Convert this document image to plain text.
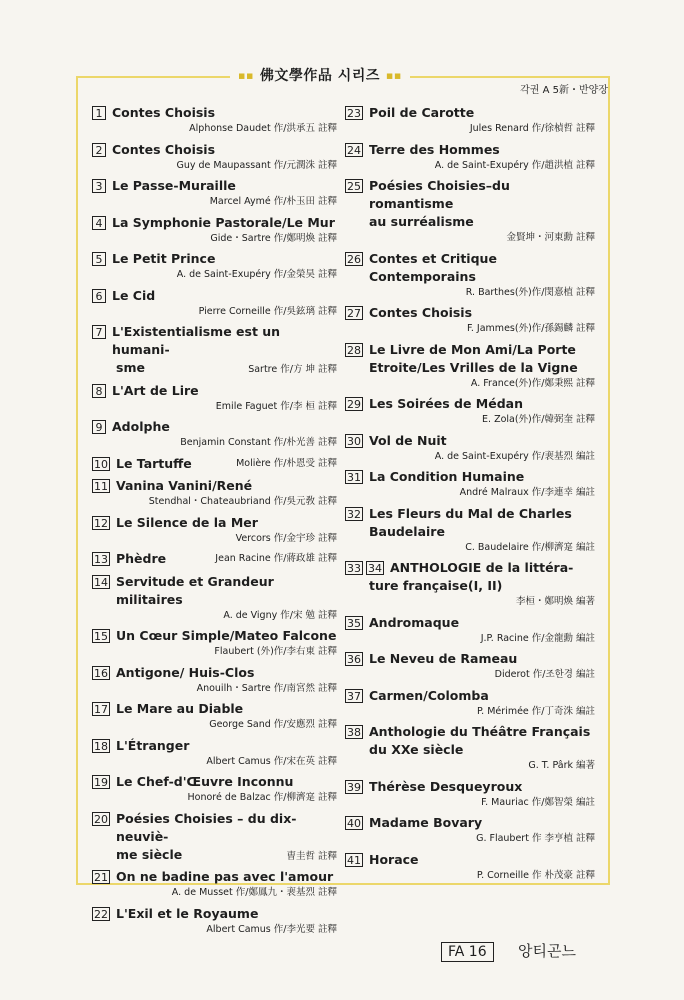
▪▪ 佛文學作品 시리즈 ▪▪
각권 A 5新・반양장
1 Contes Choisis
Alphonse Daudet 作/洪承五 註釋
2 Contes Choisis
Guy de Maupassant 作/元潤洙 註釋
3 Le Passe-Muraille
Marcel Aymé 作/朴玉田 註釋
4 La Symphonie Pastorale/Le Mur
Gide・Sartre 作/鄭明煥 註釋
5 Le Petit Prince
A. de Saint-Exupéry 作/金榮昊 註釋
6 Le Cid
Pierre Corneille 作/吳鉉璃 註釋
7 L'Existentialisme est un humani-
sme	Sartre 作/方 坤 註釋
8 L'Art de Lire
Emile Faguet 作/李 桓 註釋
9 Adolphe
Benjamin Constant 作/朴光善 註釋
10 Le Tartuffe	Molière 作/朴恩受 註釋
11 Vanina Vanini/René
Stendhal・Chateaubriand 作/吳元敎 註釋
12 Le Silence de la Mer
Vercors 作/金宇珍 註釋
13 Phèdre	Jean Racine 作/蔣政雄 註釋
14 Servitude et Grandeur militaires
A. de Vigny 作/宋 勉 註釋
15 Un Cœur Simple/Mateo Falcone
Flaubert (外)作/李右東 註釋
16 Antigone/ Huis-Clos
Anouilh・Sartre 作/南宮然 註釋
17 Le Mare au Diable
George Sand 作/安應烈 註釋
18 L'Étranger
Albert Camus 作/宋在英 註釋
19 Le Chef-d'Œuvre Inconnu
Honoré de Balzac 作/柳濟寔 註釋
20 Poésies Choisies – du dix-neuviè-
me siècle	曺圭哲 註釋
21 On ne badine pas avec l'amour
A. de Musset 作/鄭鳳九・裵基烈 註釋
22 L'Exil et le Royaume
Albert Camus 作/李光要 註釋
23 Poil de Carotte
Jules Renard 作/徐楨哲 註釋
24 Terre des Hommes
A. de Saint-Exupéry 作/趙洪植 註釋
25 Poésies Choisies–du romantisme
au surréalisme
金賢坤・河東勳 註釋
26 Contes et Critique Contemporains
R. Barthes(外)作/閔憙植 註釋
27 Contes Choisis
F. Jammes(外)作/孫錫麟 註釋
28 Le Livre de Mon Ami/La Porte
Etroite/Les Vrilles de la Vigne
A. France(外)作/鄭秉熙 註釋
29 Les Soirées de Médan
E. Zola(外)作/韓弼奎 註釋
30 Vol de Nuit
A. de Saint-Exupéry 作/裵基烈 編註
31 La Condition Humaine
André Malraux 作/李連幸 編註
32 Les Fleurs du Mal de Charles
Baudelaire
C. Baudelaire 作/柳濟寔 編註
33 34 ANTHOLOGIE de la littéra-
ture française(I, II)
李桓・鄭明煥 編著
35 Andromaque
J.P. Racine 作/金龍勳 編註
36 Le Neveu de Rameau
Diderot 作/조한경 編註
37 Carmen/Colomba
P. Mérimée 作/丁奇洙 編註
38 Anthologie du Théâtre Français
du XXe siècle
G. T. Pârk 編著
39 Thérèse Desqueyroux
F. Mauriac 作/鄭智榮 編註
40 Madame Bovary
G. Flaubert 作 李亨植 註釋
41 Horace
P. Corneille 作 朴茂豪 註釋
FA 16	앙티곤느
